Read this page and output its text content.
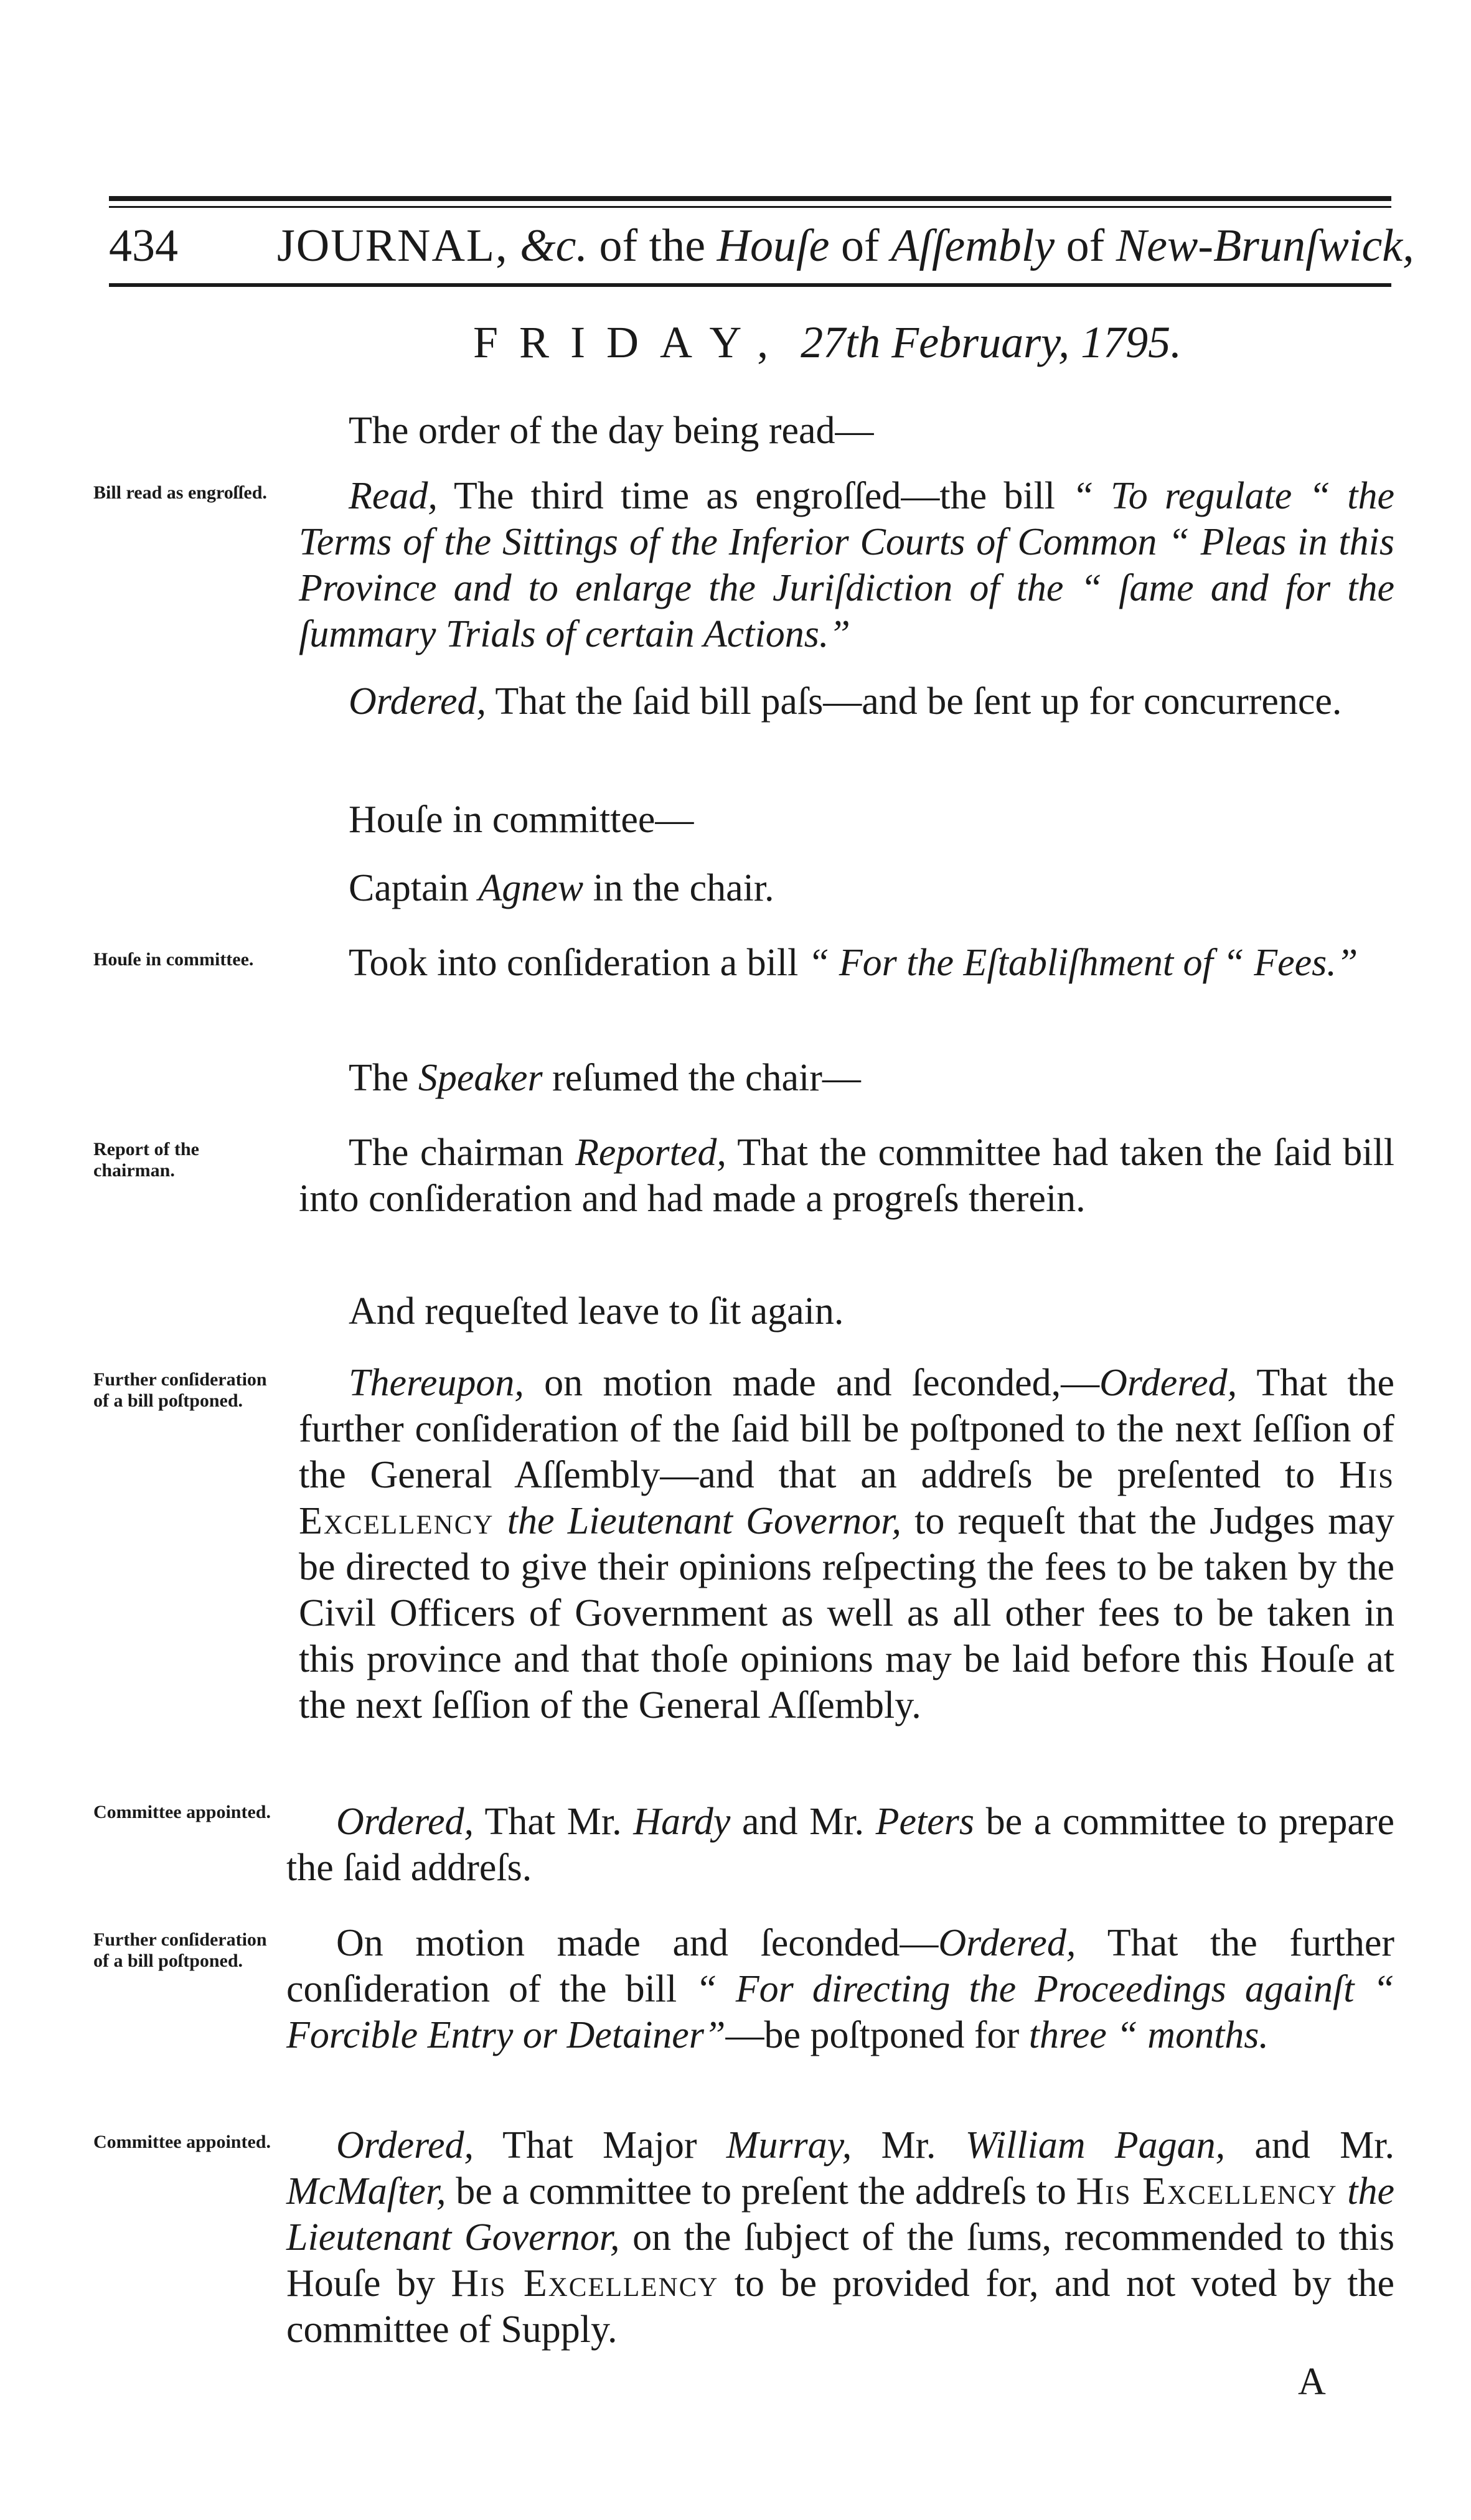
434 JOURNAL, &c. of the Houſe of Aſſembly of New-Brunſwick,
FRIDAY, 27th February, 1795.
The order of the day being read—
Bill read as engroſſed.	Read, The third time as engroſſed—the bill “ To regulate “ the Terms of the Sittings of the Inferior Courts of Common “ Pleas in this Province and to enlarge the Juriſdiction of the “ ſame and for the ſummary Trials of certain Actions.”
Ordered, That the ſaid bill paſs—and be ſent up for concurrence.
Houſe in committee—
Captain Agnew in the chair.
Houſe in committee.	Took into conſideration a bill “ For the Eſtabliſhment of “ Fees.”
The Speaker reſumed the chair—
Report of the chairman.	The chairman Reported, That the committee had taken the ſaid bill into conſideration and had made a progreſs therein.
And requeſted leave to ſit again.
Further conſideration of a bill poſtponed.	Thereupon, on motion made and ſeconded,—Ordered, That the further conſideration of the ſaid bill be poſtponed to the next ſeſſion of the General Aſſembly—and that an addreſs be preſented to His Excellency the Lieutenant Governor, to requeſt that the Judges may be directed to give their opinions reſpecting the fees to be taken by the Civil Officers of Government as well as all other fees to be taken in this province and that thoſe opinions may be laid before this Houſe at the next ſeſſion of the General Aſſembly.
Committee appointed.	Ordered, That Mr. Hardy and Mr. Peters be a committee to prepare the ſaid addreſs.
Further conſideration of a bill poſtponed.	On motion made and ſeconded—Ordered, That the further conſideration of the bill “ For directing the Proceedings againſt “ Forcible Entry or Detainer”—be poſtponed for three “ months.
Committee appointed.	Ordered, That Major Murray, Mr. William Pagan, and Mr. McMaſter, be a committee to preſent the addreſs to His Excellency the Lieutenant Governor, on the ſubject of the ſums, recommended to this Houſe by His Excellency to be provided for, and not voted by the committee of Supply.
A
